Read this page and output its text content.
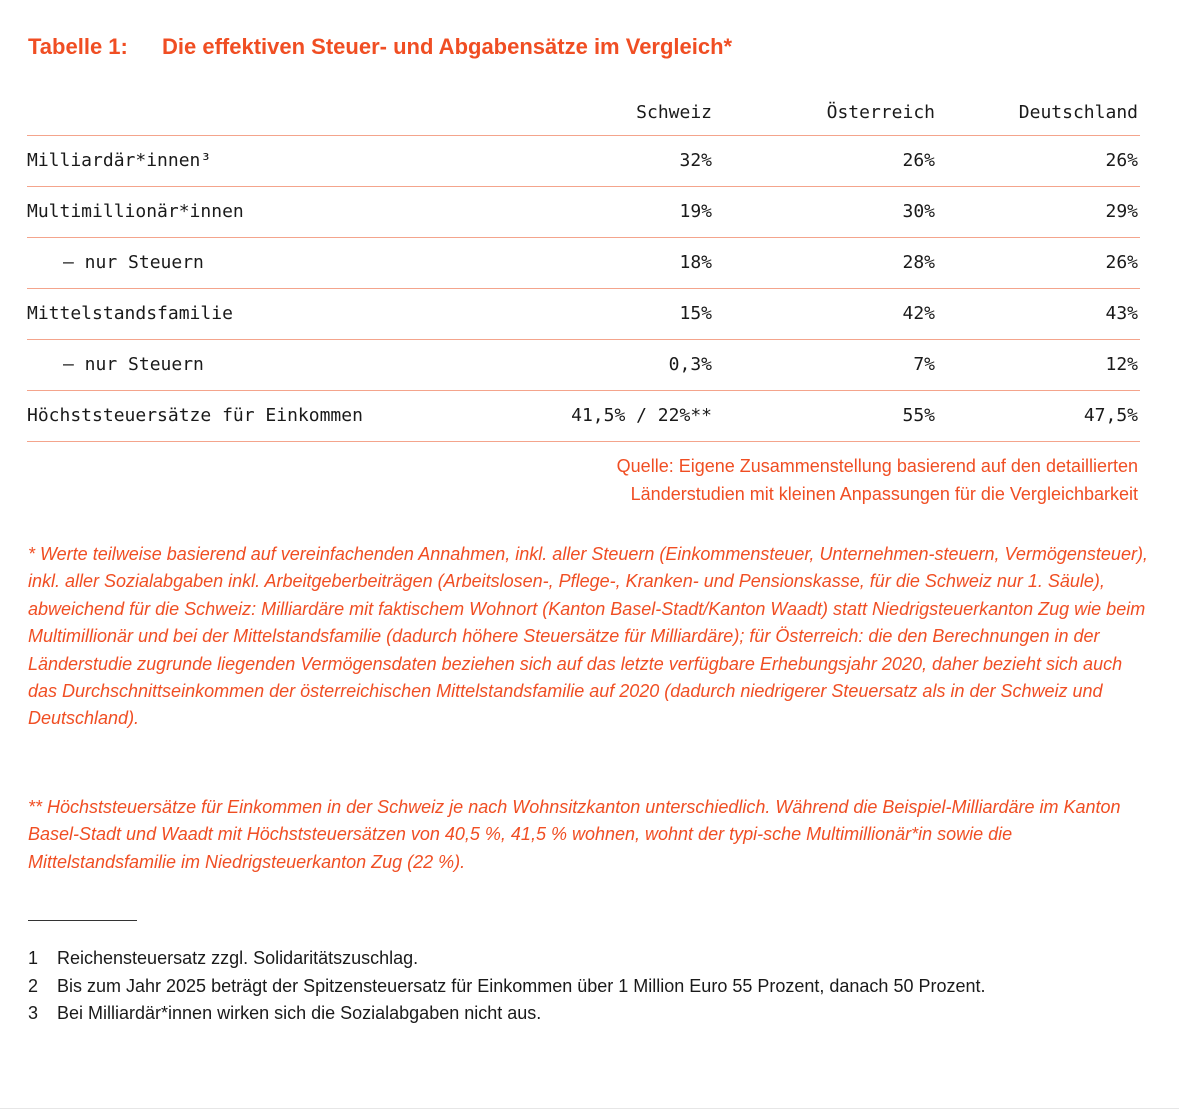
Tabelle 1: Die effektiven Steuer- und Abgabensätze im Vergleich*
Schweiz	Österreich	Deutschland
Milliardär*innen³	32%	26%	26%
Multimillionär*innen	19%	30%	29%
– nur Steuern	18%	28%	26%
Mittelstandsfamilie	15%	42%	43%
– nur Steuern	0,3%	7%	12%
Höchststeuersätze für Einkommen	41,5% / 22%**	55%	47,5%
Quelle: Eigene Zusammenstellung basierend auf den detaillierten
Länderstudien mit kleinen Anpassungen für die Vergleichbarkeit
* Werte teilweise basierend auf vereinfachenden Annahmen, inkl. aller Steuern (Einkommensteuer, Unternehmen-steuern, Vermögensteuer), inkl. aller Sozialabgaben inkl. Arbeitgeberbeiträgen (Arbeitslosen-, Pflege-, Kranken- und Pensionskasse, für die Schweiz nur 1. Säule), abweichend für die Schweiz: Milliardäre mit faktischem Wohnort (Kanton Basel-Stadt/Kanton Waadt) statt Niedrigsteuerkanton Zug wie beim Multimillionär und bei der Mittelstandsfamilie (dadurch höhere Steuersätze für Milliardäre); für Österreich: die den Berechnungen in der Länderstudie zugrunde liegenden Vermögensdaten beziehen sich auf das letzte verfügbare Erhebungsjahr 2020, daher bezieht sich auch das Durchschnittseinkommen der österreichischen Mittelstandsfamilie auf 2020 (dadurch niedrigerer Steuersatz als in der Schweiz und Deutschland).
** Höchststeuersätze für Einkommen in der Schweiz je nach Wohnsitzkanton unterschiedlich. Während die Beispiel-Milliardäre im Kanton Basel-Stadt und Waadt mit Höchststeuersätzen von 40,5 %, 41,5 % wohnen, wohnt der typi-sche Multimillionär*in sowie die Mittelstandsfamilie im Niedrigsteuerkanton Zug (22 %).
1 Reichensteuersatz zzgl. Solidaritätszuschlag.
2 Bis zum Jahr 2025 beträgt der Spitzensteuersatz für Einkommen über 1 Million Euro 55 Prozent, danach 50 Prozent.
3 Bei Milliardär*innen wirken sich die Sozialabgaben nicht aus.
